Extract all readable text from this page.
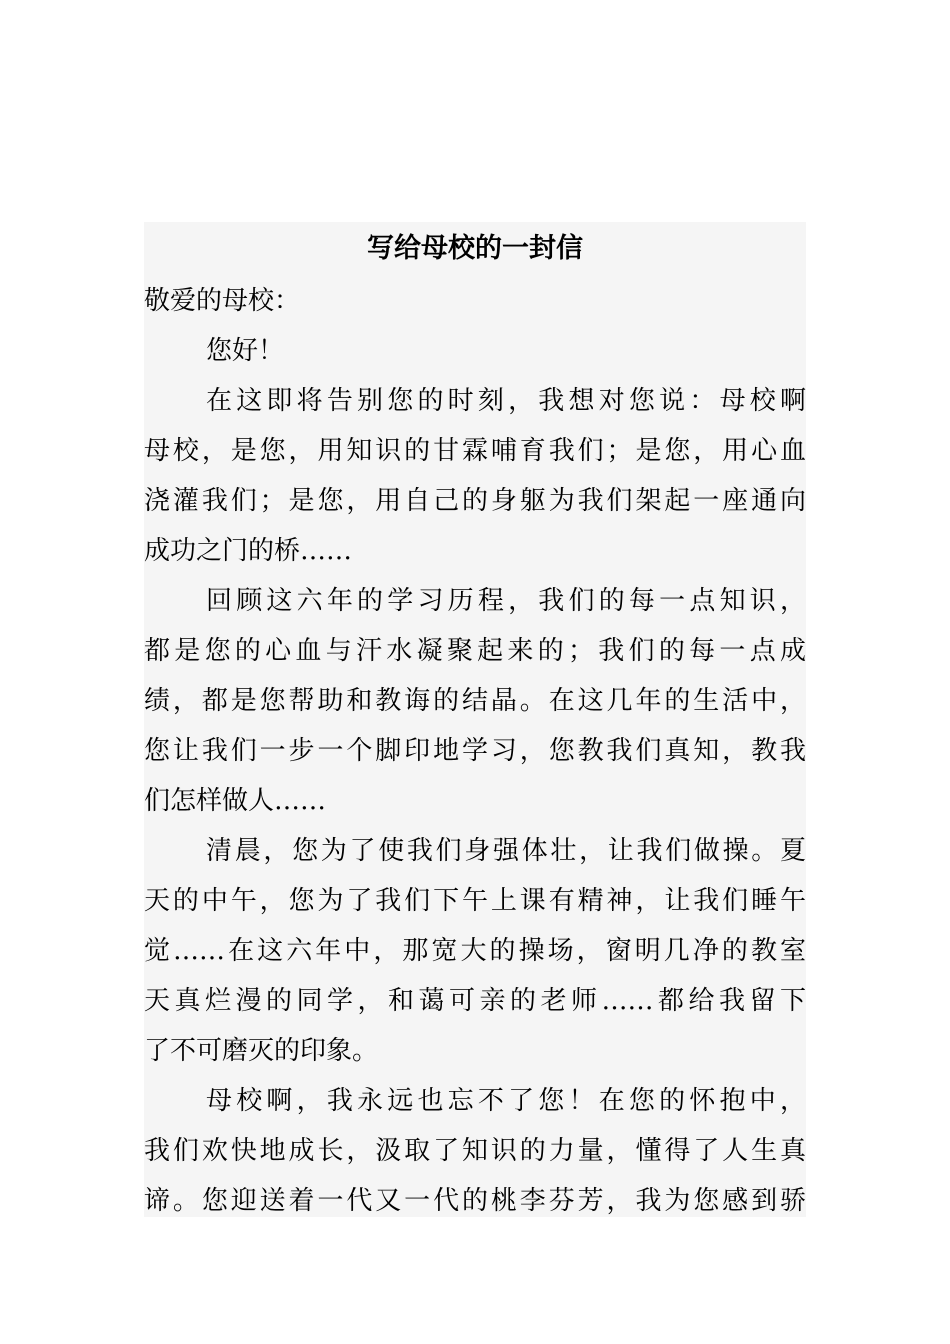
写给母校的一封信
敬爱的母校：
您好！
在这即将告别您的时刻，我想对您说：母校啊
母校，是您，用知识的甘霖哺育我们；是您，用心血
浇灌我们；是您，用自己的身躯为我们架起一座通向
成功之门的桥……
回顾这六年的学习历程，我们的每一点知识，
都是您的心血与汗水凝聚起来的；我们的每一点成
绩，都是您帮助和教诲的结晶。在这几年的生活中，
您让我们一步一个脚印地学习，您教我们真知，教我
们怎样做人……
清晨，您为了使我们身强体壮，让我们做操。夏
天的中午，您为了我们下午上课有精神，让我们睡午
觉……在这六年中，那宽大的操场，窗明几净的教室
天真烂漫的同学，和蔼可亲的老师……都给我留下
了不可磨灭的印象。
母校啊，我永远也忘不了您！在您的怀抱中，
我们欢快地成长，汲取了知识的力量，懂得了人生真
谛。您迎送着一代又一代的桃李芬芳，我为您感到骄
